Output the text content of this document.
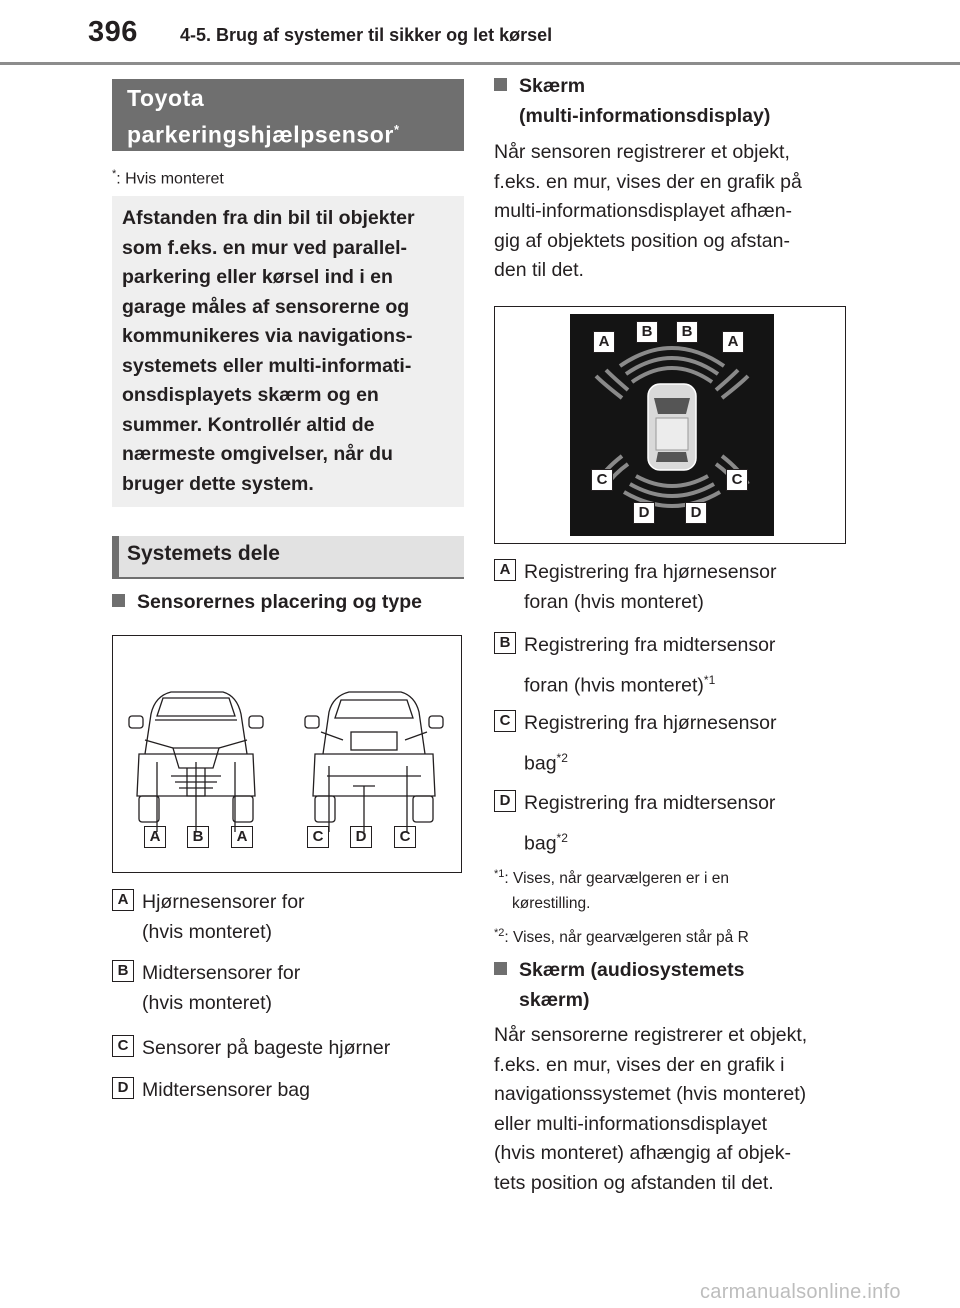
396 4-5. Brug af systemer til sikker og let kørsel
Toyota
parkeringshjælpsensor*
*: Hvis monteret
Afstanden fra din bil til objekter
som f.eks. en mur ved parallel-
parkering eller kørsel ind i en
garage måles af sensorerne og
kommunikeres via navigations-
systemets eller multi-informati-
onsdisplayets skærm og en
summer. Kontrollér altid de
nærmeste omgivelser, når du
bruger dette system.
Systemets dele
Sensorernes placering og type
A	B	A	C	D	C
A Hjørnesensorer for
(hvis monteret)
B Midtersensorer for
(hvis monteret)
C Sensorer på bageste hjørner
D Midtersensorer bag
Skærm
(multi-informationsdisplay)
Når sensoren registrerer et objekt,
f.eks. en mur, vises der en grafik på
multi-informationsdisplayet afhæn-
gig af objektets position og afstan-
den til det.
A
B	B
A
C	C
D	D
A Registrering fra hjørnesensor
foran (hvis monteret)
B Registrering fra midtersensor
foran (hvis monteret)$^{*1}$
C Registrering fra hjørnesensor
bag$^{*2}$
D Registrering fra midtersensor
bag$^{*2}$
$^{*1}$: Vises, når gearvælgeren er i en
kørestilling.
$^{*2}$: Vises, når gearvælgeren står på R
Skærm (audiosystemets
skærm)
Når sensorerne registrerer et objekt,
f.eks. en mur, vises der en grafik i
navigationssystemet (hvis monteret)
eller multi-informationsdisplayet
(hvis monteret) afhængig af objek-
tets position og afstanden til det.
carmanualsonline.info
